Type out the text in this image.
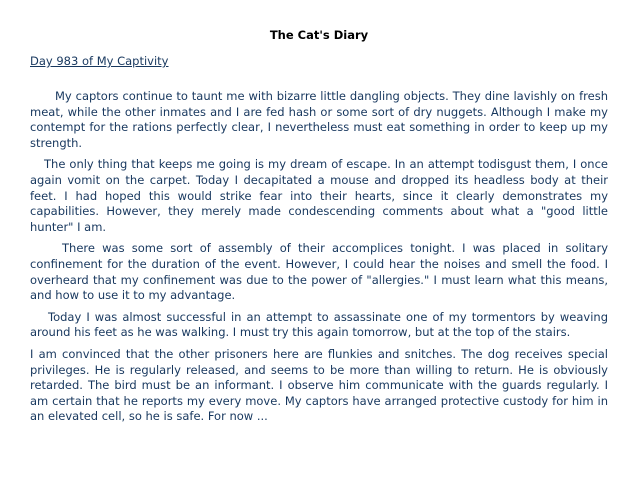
The Cat's Diary
Day 983 of My Captivity

My captors continue to taunt me with bizarre little dangling objects. They dine lavishly on fresh meat, while the other inmates and I are fed hash or some sort of dry nuggets. Although I make my contempt for the rations perfectly clear, I nevertheless must eat something in order to keep up my strength.

The only thing that keeps me going is my dream of escape. In an attempt todisgust them, I once again vomit on the carpet. Today I decapitated a mouse and dropped its headless body at their feet. I had hoped this would strike fear into their hearts, since it clearly demonstrates my capabilities. However, they merely made condescending comments about what a "good little hunter" I am.

There was some sort of assembly of their accomplices tonight. I was placed in solitary confinement for the duration of the event. However, I could hear the noises and smell the food. I overheard that my confinement was due to the power of "allergies." I must learn what this means, and how to use it to my advantage.

Today I was almost successful in an attempt to assassinate one of my tormentors by weaving around his feet as he was walking. I must try this again tomorrow, but at the top of the stairs.

I am convinced that the other prisoners here are flunkies and snitches. The dog receives special privileges. He is regularly released, and seems to be more than willing to return. He is obviously retarded. The bird must be an informant. I observe him communicate with the guards regularly. I am certain that he reports my every move. My captors have arranged protective custody for him in an elevated cell, so he is safe. For now ...
